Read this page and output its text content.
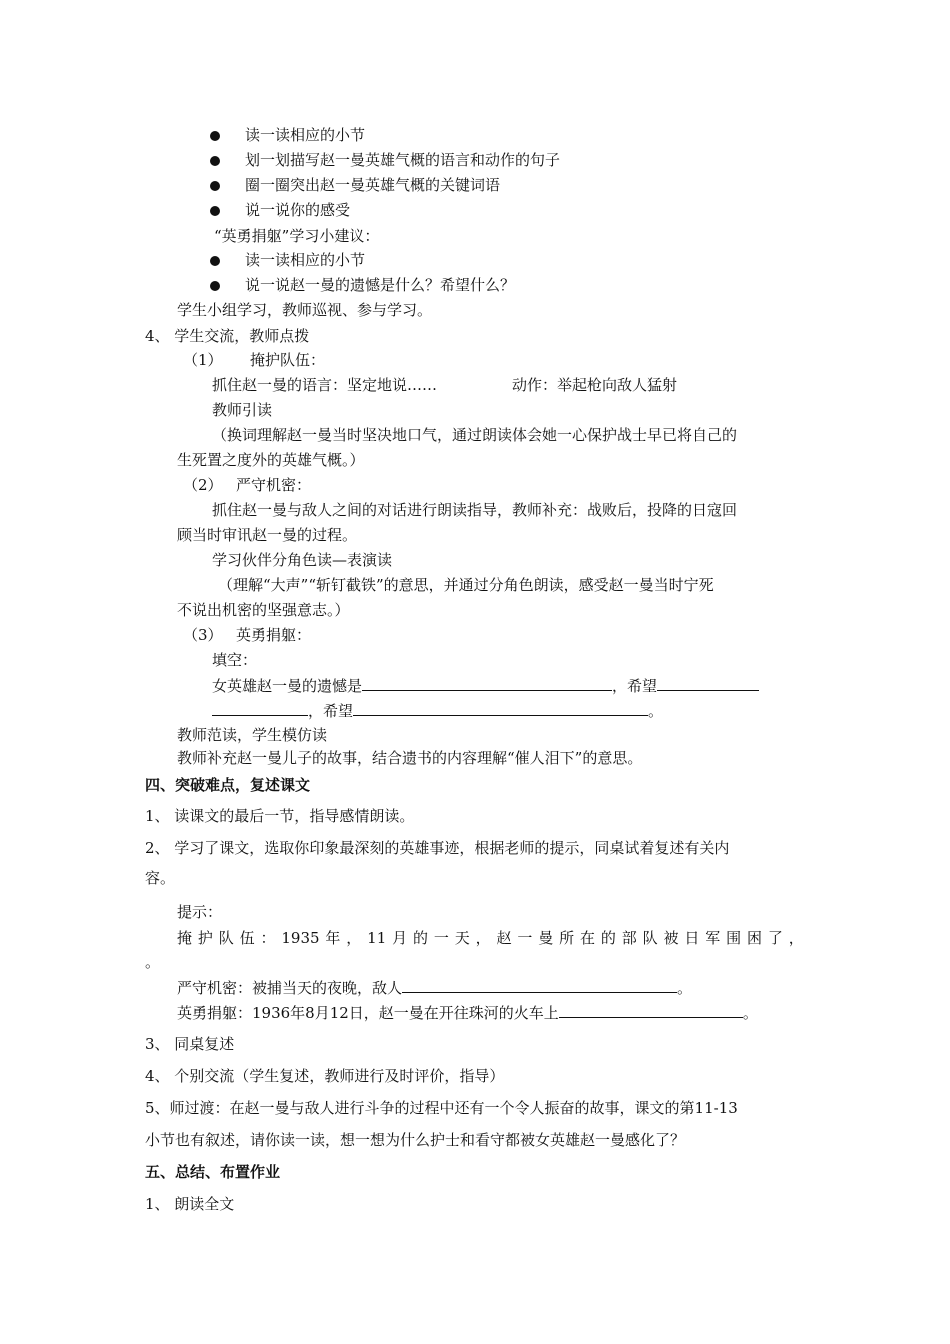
读一读相应的小节
划一划描写赵一曼英雄气概的语言和动作的句子
圈一圈突出赵一曼英雄气概的关键词语
说一说你的感受
“英勇捐躯”学习小建议：
读一读相应的小节
说一说赵一曼的遗憾是什么？希望什么？
学生小组学习，教师巡视、参与学习。
4、 学生交流，教师点拨
（1） 掩护队伍：
抓住赵一曼的语言：坚定地说……	动作：举起枪向敌人猛射
教师引读
（换词理解赵一曼当时坚决地口气，通过朗读体会她一心保护战士早已将自己的
生死置之度外的英雄气概。）
（2） 严守机密：
抓住赵一曼与敌人之间的对话进行朗读指导，教师补充：战败后，投降的日寇回
顾当时审讯赵一曼的过程。
学习伙伴分角色读—表演读
（理解“大声”“斩钉截铁”的意思，并通过分角色朗读，感受赵一曼当时宁死
不说出机密的坚强意志。）
（3） 英勇捐躯：
填空：
女英雄赵一曼的遗憾是	，希望
，希望	。
教师范读，学生模仿读
教师补充赵一曼儿子的故事，结合遗书的内容理解“催人泪下”的意思。
四、突破难点，复述课文
1、 读课文的最后一节，指导感情朗读。
2、 学习了课文，选取你印象最深刻的英雄事迹，根据老师的提示，同桌试着复述有关内
容。
提示：
掩 护 队 伍 ： 1935 年 ， 11 月 的 一 天 ， 赵 一 曼 所 在 的 部 队 被 日 军 围 困 了 ，
。
严守机密：被捕当天的夜晚，敌人	。
英勇捐躯：1936年8月12日，赵一曼在开往珠河的火车上	。
3、 同桌复述
4、 个别交流（学生复述，教师进行及时评价，指导）
5、师过渡：在赵一曼与敌人进行斗争的过程中还有一个令人振奋的故事，课文的第11-13
小节也有叙述，请你读一读，想一想为什么护士和看守都被女英雄赵一曼感化了？
五、总结、布置作业
1、 朗读全文
